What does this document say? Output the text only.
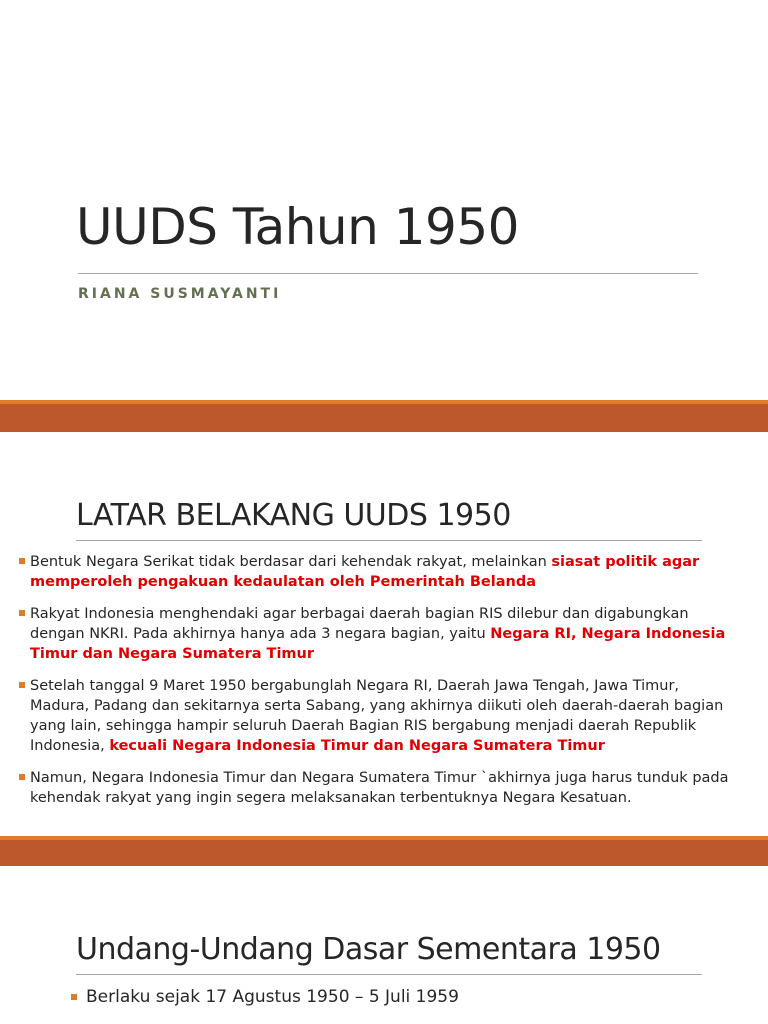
UUDS Tahun 1950
RIANA SUSMAYANTI
LATAR BELAKANG UUDS 1950
Bentuk Negara Serikat tidak berdasar dari kehendak rakyat, melainkan siasat politik agar memperoleh pengakuan kedaulatan oleh Pemerintah Belanda
Rakyat Indonesia menghendaki agar berbagai daerah bagian RIS dilebur dan digabungkan dengan NKRI. Pada akhirnya hanya ada 3 negara bagian, yaitu Negara RI, Negara Indonesia Timur dan Negara Sumatera Timur
Setelah tanggal 9 Maret 1950 bergabunglah Negara RI, Daerah Jawa Tengah, Jawa Timur, Madura, Padang dan sekitarnya serta Sabang, yang akhirnya diikuti oleh daerah-daerah bagian yang lain, sehingga hampir seluruh Daerah Bagian RIS bergabung menjadi daerah Republik Indonesia, kecuali Negara Indonesia Timur dan Negara Sumatera Timur
Namun, Negara Indonesia Timur dan Negara Sumatera Timur `akhirnya juga harus tunduk pada kehendak rakyat yang ingin segera melaksanakan terbentuknya Negara Kesatuan.
Undang-Undang Dasar Sementara 1950
Berlaku sejak 17 Agustus 1950 – 5 Juli 1959
